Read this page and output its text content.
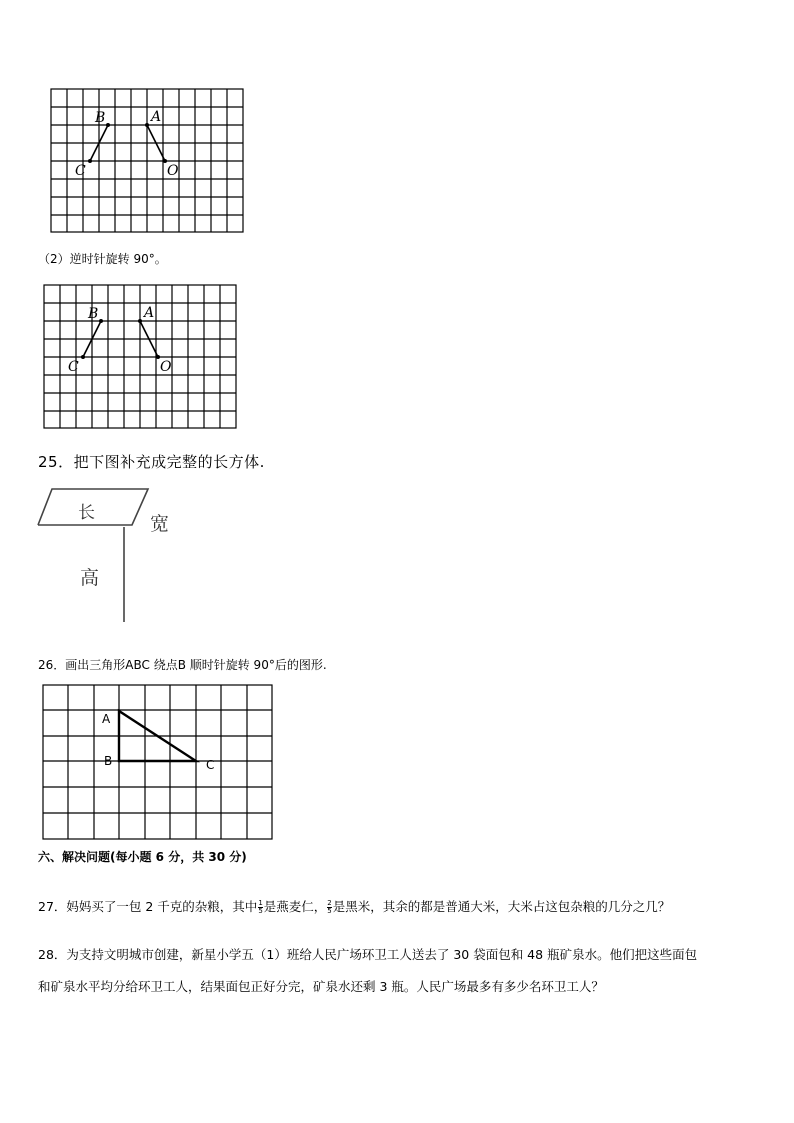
B	A
C	O
（2）逆时针旋转 90°。
B	A
C	O
25．把下图补充成完整的长方体.
长	宽
高
26．画出三角形ABC 绕点B 顺时针旋转 90°后的图形.
A
B	C
六、解决问题(每小题 6 分，共 30 分)
27．妈妈买了一包 2 千克的杂粮，其中 $\frac{1}{5}$ 是燕麦仁， $\frac{2}{5}$ 是黑米，其余的都是普通大米，大米占这包杂粮的几分之几？
28．为支持文明城市创建，新星小学五（1）班给人民广场环卫工人送去了 30 袋面包和 48 瓶矿泉水。他们把这些面包
和矿泉水平均分给环卫工人，结果面包正好分完，矿泉水还剩 3 瓶。人民广场最多有多少名环卫工人？
